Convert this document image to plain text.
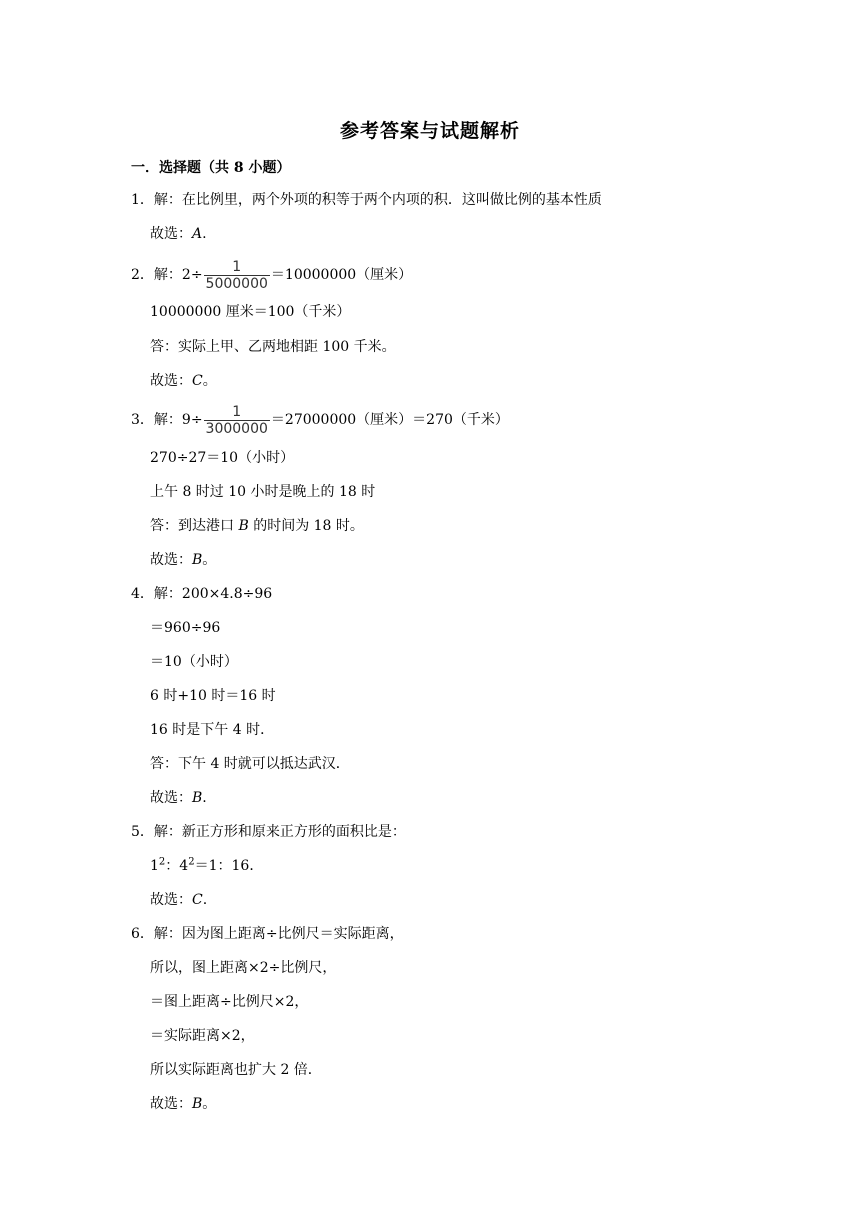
参考答案与试题解析
一．选择题（共 8 小题）
1．解：在比例里，两个外项的积等于两个内项的积．这叫做比例的基本性质
故选：A.
2．解：$2\div \frac{1}{5000000} =10000000$（厘米）
10000000 厘米＝100（千米）
答：实际上甲、乙两地相距 100 千米。
故选：C。
3．解：$9\div \frac{1}{3000000} =27000000$（厘米）＝270（千米）
270÷27＝10（小时）
上午 8 时过 10 小时是晚上的 18 时
答：到达港口 B 的时间为 18 时。
故选：B。
4．解：200×4.8÷96
＝960÷96
＝10（小时）
6 时+10 时＝16 时
16 时是下午 4 时．
答：下午 4 时就可以抵达武汉．
故选：B.
5．解：新正方形和原来正方形的面积比是：
$1^2$：$4^2=1$：16．
故选：C.
6．解：因为图上距离÷比例尺＝实际距离，
所以，图上距离×2÷比例尺，
＝图上距离÷比例尺×2，
＝实际距离×2，
所以实际距离也扩大 2 倍．
故选：B。
